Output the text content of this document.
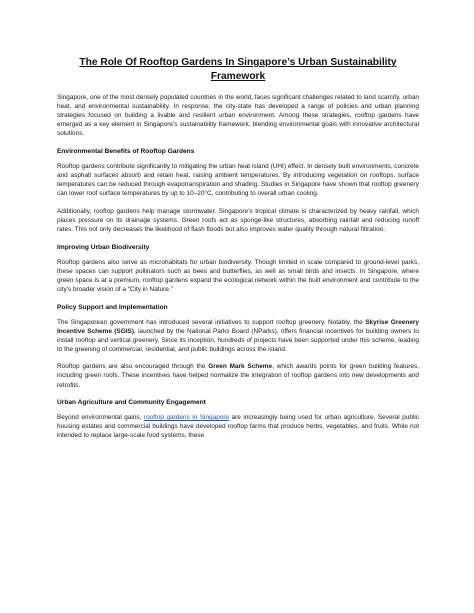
The Role Of Rooftop Gardens In Singapore’s Urban Sustainability Framework

Singapore, one of the most densely populated countries in the world, faces significant challenges related to land scarcity, urban heat, and environmental sustainability. In response, the city-state has developed a range of policies and urban planning strategies focused on building a livable and resilient urban environment. Among these strategies, rooftop gardens have emerged as a key element in Singapore’s sustainability framework, blending environmental goals with innovative architectural solutions.

Environmental Benefits of Rooftop Gardens

Rooftop gardens contribute significantly to mitigating the urban heat island (UHI) effect. In densely built environments, concrete and asphalt surfaces absorb and retain heat, raising ambient temperatures. By introducing vegetation on rooftops, surface temperatures can be reduced through evapotranspiration and shading. Studies in Singapore have shown that rooftop greenery can lower roof surface temperatures by up to 10–20°C, contributing to overall urban cooling.

Additionally, rooftop gardens help manage stormwater. Singapore’s tropical climate is characterized by heavy rainfall, which places pressure on its drainage systems. Green roofs act as sponge-like structures, absorbing rainfall and reducing runoff rates. This not only decreases the likelihood of flash floods but also improves water quality through natural filtration.

Improving Urban Biodiversity

Rooftop gardens also serve as microhabitats for urban biodiversity. Though limited in scale compared to ground-level parks, these spaces can support pollinators such as bees and butterflies, as well as small birds and insects. In Singapore, where green space is at a premium, rooftop gardens expand the ecological network within the built environment and contribute to the city’s broader vision of a “City in Nature.”

Policy Support and Implementation

The Singaporean government has introduced several initiatives to support rooftop greenery. Notably, the Skyrise Greenery Incentive Scheme (SGIS), launched by the National Parks Board (NParks), offers financial incentives for building owners to install rooftop and vertical greenery. Since its inception, hundreds of projects have been supported under this scheme, leading to the greening of commercial, residential, and public buildings across the island.

Rooftop gardens are also encouraged through the Green Mark Scheme, which awards points for green building features, including green roofs. These incentives have helped normalize the integration of rooftop gardens into new developments and retrofits.

Urban Agriculture and Community Engagement

Beyond environmental gains, rooftop gardens in Singapore are increasingly being used for urban agriculture. Several public housing estates and commercial buildings have developed rooftop farms that produce herbs, vegetables, and fruits. While not intended to replace large-scale food systems, these
